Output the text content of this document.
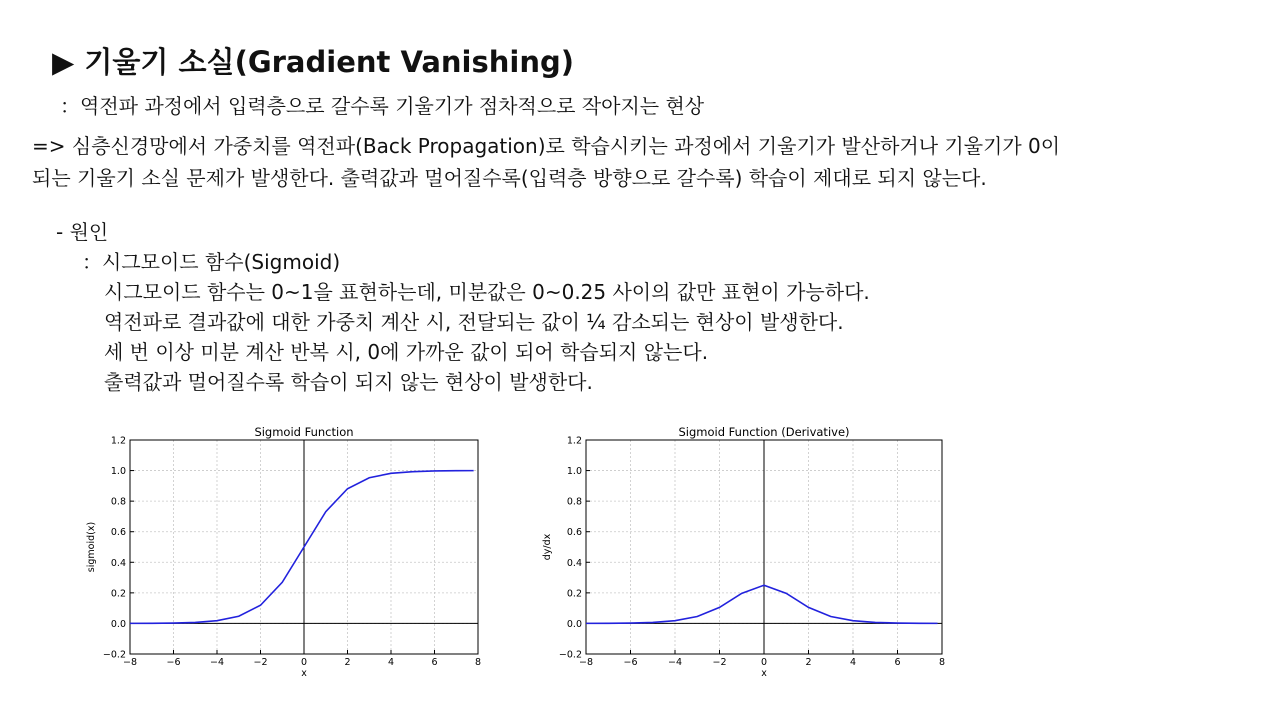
▶ 기울기 소실(Gradient Vanishing)
：역전파 과정에서 입력층으로 갈수록 기울기가 점차적으로 작아지는 현상
=> 심층신경망에서 가중치를 역전파(Back Propagation)로 학습시키는 과정에서 기울기가 발산하거나 기울기가 0이
되는 기울기 소실 문제가 발생한다. 출력값과 멀어질수록(입력층 방향으로 갈수록) 학습이 제대로 되지 않는다.
- 원인
：시그모이드 함수(Sigmoid)
시그모이드 함수는 0~1을 표현하는데, 미분값은 0~0.25 사이의 값만 표현이 가능하다.
역전파로 결과값에 대한 가중치 계산 시, 전달되는 값이 ¼ 감소되는 현상이 발생한다.
세 번 이상 미분 계산 반복 시, 0에 가까운 값이 되어 학습되지 않는다.
출력값과 멀어질수록 학습이 되지 않는 현상이 발생한다.
−8	−6	−4	−2	0	2	4	6	8
−0.2
0.0
0.2
0.4
0.6
0.8
1.0
1.2
Sigmoid Function
x
sigmoid(x)
−8	−6	−4	−2	0	2	4	6	8
−0.2
0.0
0.2
0.4
0.6
0.8
1.0
1.2
Sigmoid Function (Derivative)
x
dy/dx
